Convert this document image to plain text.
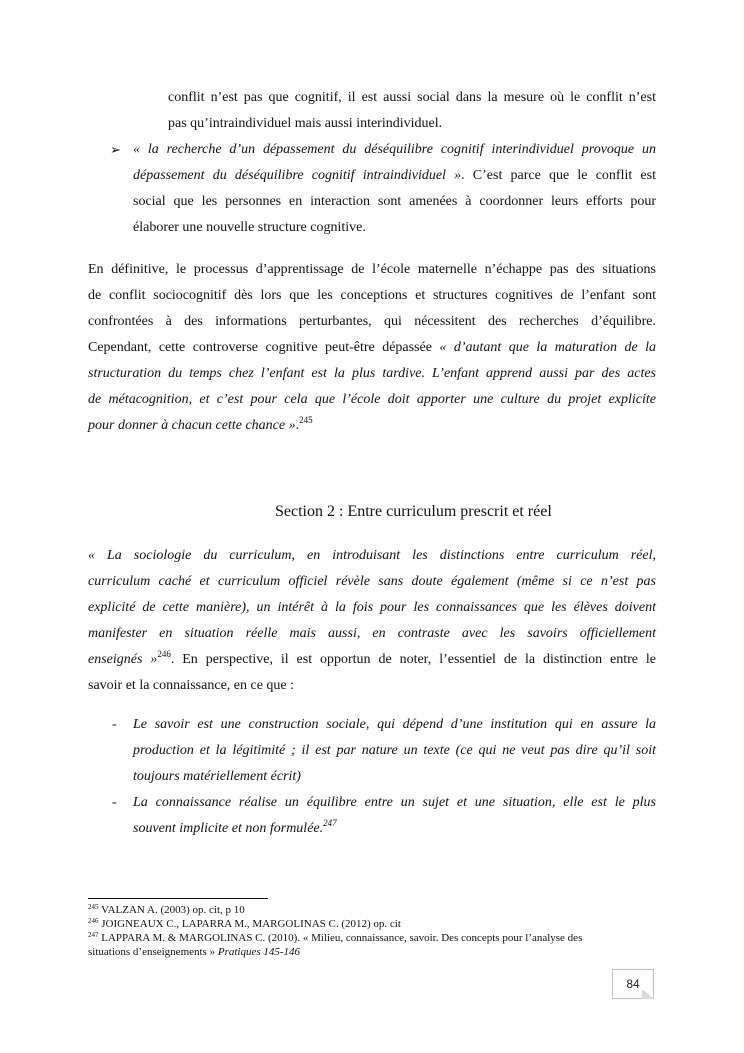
conflit n’est pas que cognitif, il est aussi social dans la mesure où le conflit n’est
pas qu’intraindividuel mais aussi interindividuel.
➢ « la recherche d’un dépassement du déséquilibre cognitif interindividuel provoque un
dépassement du déséquilibre cognitif intraindividuel ». C’est parce que le conflit est
social que les personnes en interaction sont amenées à coordonner leurs efforts pour
élaborer une nouvelle structure cognitive.
En définitive, le processus d’apprentissage de l’école maternelle n’échappe pas des situations
de conflit sociocognitif dès lors que les conceptions et structures cognitives de l’enfant sont
confrontées à des informations perturbantes, qui nécessitent des recherches d’équilibre.
Cependant, cette controverse cognitive peut-être dépassée « d’autant que la maturation de la
structuration du temps chez l’enfant est la plus tardive. L’enfant apprend aussi par des actes
de métacognition, et c’est pour cela que l’école doit apporter une culture du projet explicite
pour donner à chacun cette chance ».$^{245}$
Section 2 : Entre curriculum prescrit et réel
« La sociologie du curriculum, en introduisant les distinctions entre curriculum réel,
curriculum caché et curriculum officiel révèle sans doute également (même si ce n’est pas
explicité de cette manière), un intérêt à la fois pour les connaissances que les élèves doivent
manifester en situation réelle mais aussi, en contraste avec les savoirs officiellement
enseignés »$^{246}$. En perspective, il est opportun de noter, l’essentiel de la distinction entre le
savoir et la connaissance, en ce que :
- Le savoir est une construction sociale, qui dépend d’une institution qui en assure la
production et la légitimité ; il est par nature un texte (ce qui ne veut pas dire qu’il soit
toujours matériellement écrit)
- La connaissance réalise un équilibre entre un sujet et une situation, elle est le plus
souvent implicite et non formulée.$^{247}$
$^{245}$ VALZAN A. (2003) op. cit, p 10
$^{246}$ JOIGNEAUX C., LAPARRA M., MARGOLINAS C. (2012) op. cit
$^{247}$ LAPPARA M. & MARGOLINAS C. (2010). « Milieu, connaissance, savoir. Des concepts pour l’analyse des
situations d’enseignements » Pratiques 145-146
84
